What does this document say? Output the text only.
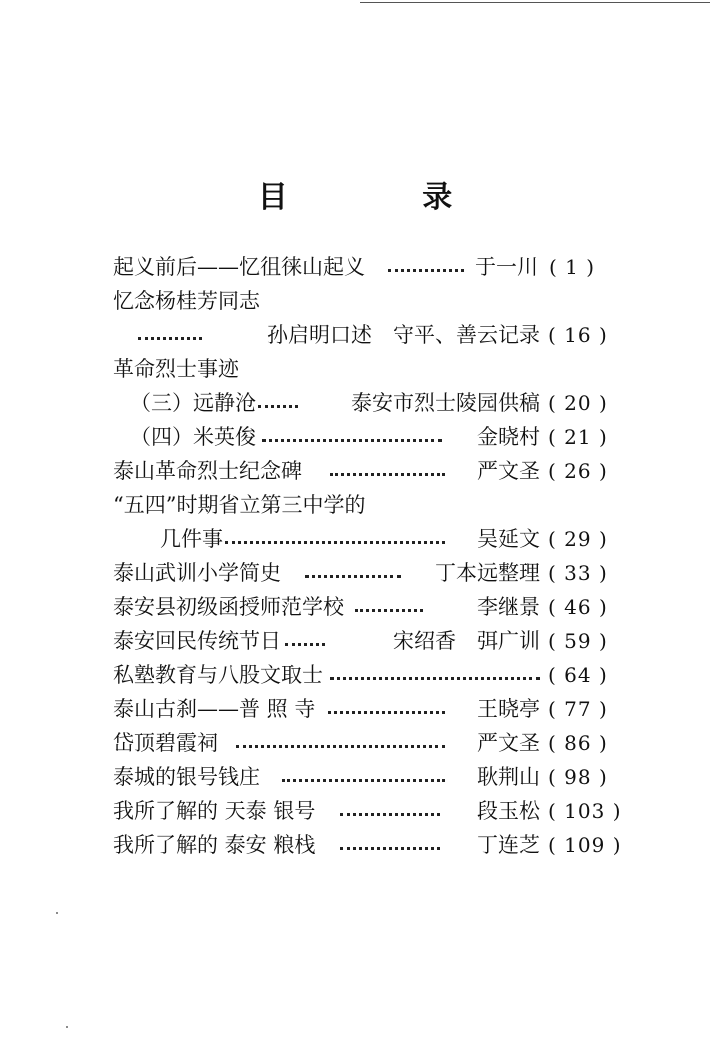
目 录
起义前后——忆徂徕山起义	于一川 ( 1 )
忆念杨桂芳同志
孙启明口述　守平、善云记录 ( 16 )
革命烈士事迹
（三）远静沧	泰安市烈士陵园供稿 ( 20 )
（四）米英俊	金晓村 ( 21 )
泰山革命烈士纪念碑	严文圣 ( 26 )
“五四”时期省立第三中学的
几件事	吴延文 ( 29 )
泰山武训小学简史	丁本远整理 ( 33 )
泰安县初级函授师范学校	李继景 ( 46 )
泰安回民传统节日	宋绍香　弭广训 ( 59 )
私塾教育与八股文取士	( 64 )
泰山古刹——普 照 寺	王晓亭 ( 77 )
岱顶碧霞祠	严文圣 ( 86 )
泰城的银号钱庄	耿荆山 ( 98 )
我所了解的 天泰 银号	段玉松 ( 103 )
我所了解的 泰安 粮栈	丁连芝 ( 109 )
